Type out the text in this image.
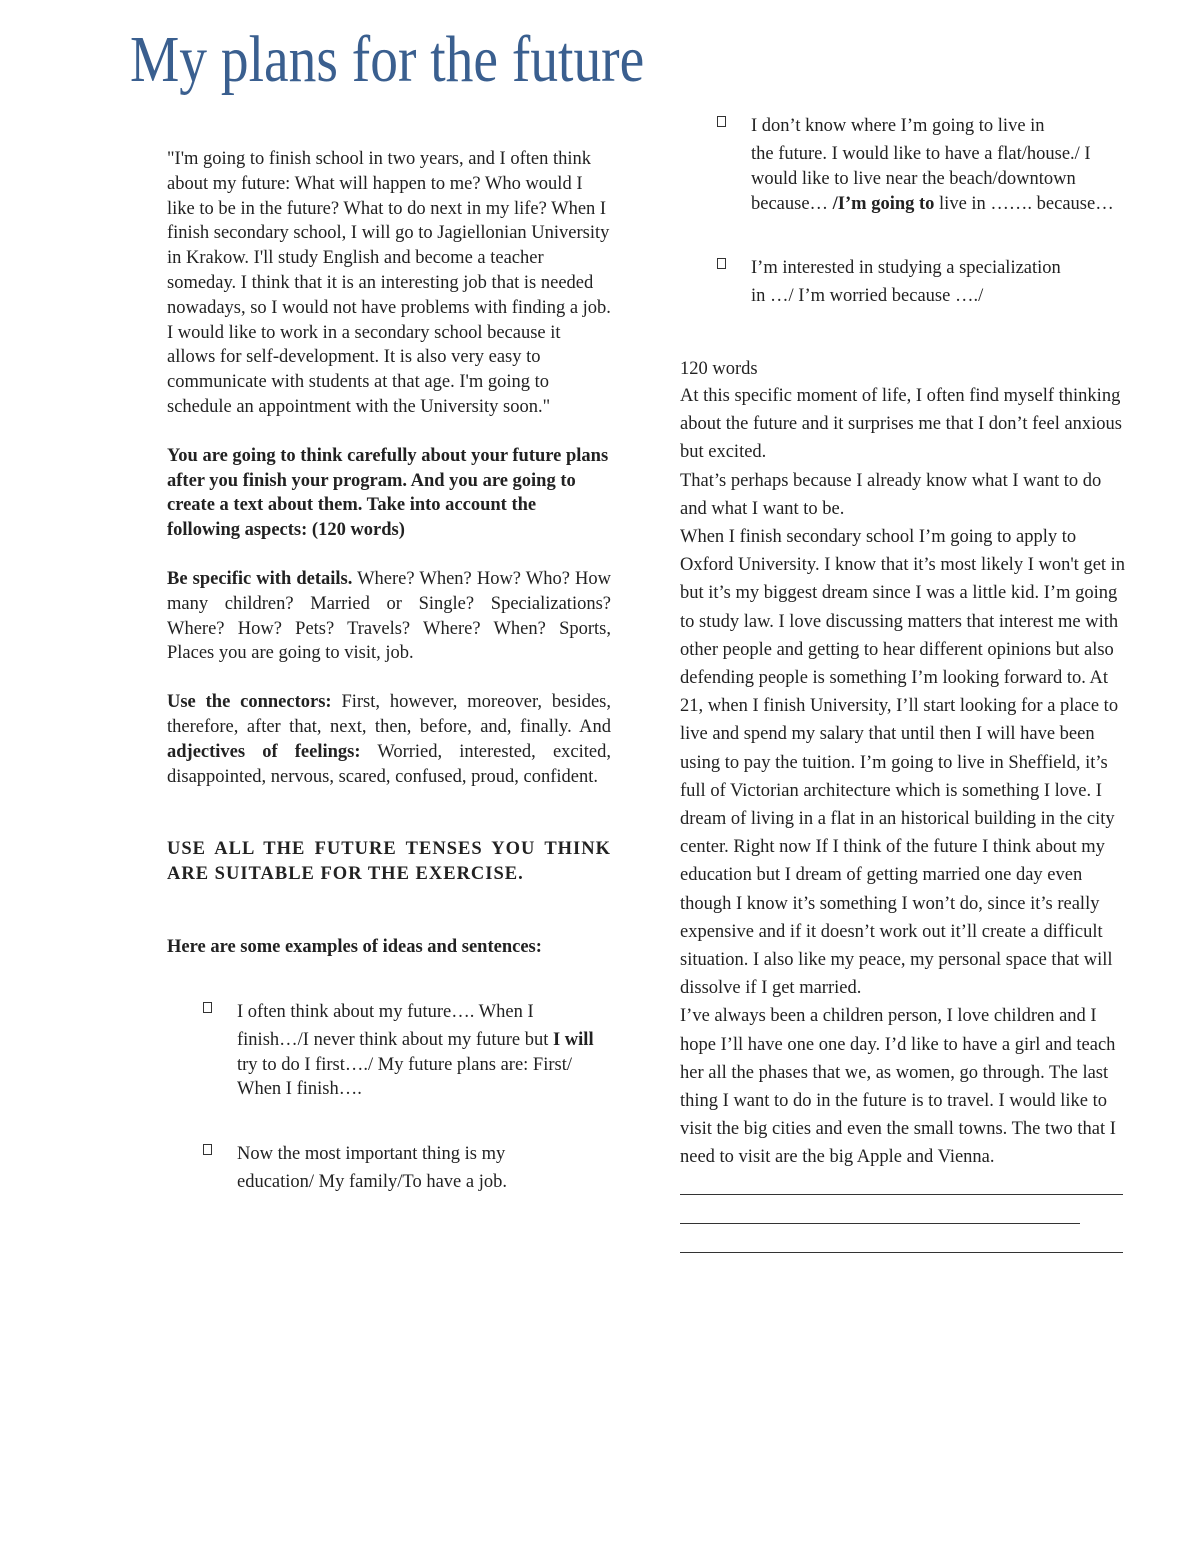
My plans for the future

"I'm going to finish school in two years, and I often think about my future: What will happen to me? Who would I like to be in the future? What to do next in my life? When I finish secondary school, I will go to Jagiellonian University in Krakow. I'll study English and become a teacher someday. I think that it is an interesting job that is needed nowadays, so I would not have problems with finding a job. I would like to work in a secondary school because it allows for self-development. It is also very easy to communicate with students at that age. I'm going to schedule an appointment with the University soon."

You are going to think carefully about your future plans after you finish your program. And you are going to create a text about them. Take into account the following aspects: (120 words)

Be specific with details. Where? When? How? Who? How many children? Married or Single? Specializations? Where? How? Pets? Travels? Where? When? Sports, Places you are going to visit, job.

Use the connectors: First, however, moreover, besides, therefore, after that, next, then, before, and, finally. And adjectives of feelings: Worried, interested, excited, disappointed, nervous, scared, confused, proud, confident.

USE ALL THE FUTURE TENSES YOU THINK ARE SUITABLE FOR THE EXERCISE.

Here are some examples of ideas and sentences:

I often think about my future…. When I
finish…/I never think about my future but I will try to do I first…./ My future plans are: First/ When I finish….
Now the most important thing is my
education/ My family/To have a job.
I don’t know where I’m going to live in
the future. I would like to have a flat/house./ I would like to live near the beach/downtown because… /I’m going to live in ……. because…
I’m interested in studying a specialization
in …/ I’m worried because …./

120 words

At this specific moment of life, I often find myself thinking about the future and it surprises me that I don’t feel anxious but excited.

That’s perhaps because I already know what I want to do and what I want to be.

When I finish secondary school I’m going to apply to Oxford University. I know that it’s most likely I won't get in but it’s my biggest dream since I was a little kid. I’m going to study law. I love discussing matters that interest me with other people and getting to hear different opinions but also defending people is something I’m looking forward to. At 21, when I finish University, I’ll start looking for a place to live and spend my salary that until then I will have been using to pay the tuition. I’m going to live in Sheffield, it’s full of Victorian architecture which is something I love. I dream of living in a flat in an historical building in the city center. Right now If I think of the future I think about my education but I dream of getting married one day even though I know it’s something I won’t do, since it’s really expensive and if it doesn’t work out it’ll create a difficult situation. I also like my peace, my personal space that will dissolve if I get married.

I’ve always been a children person, I love children and I hope I’ll have one one day. I’d like to have a girl and teach her all the phases that we, as women, go through. The last thing I want to do in the future is to travel. I would like to visit the big cities and even the small towns. The two that I need to visit are the big Apple and Vienna.
